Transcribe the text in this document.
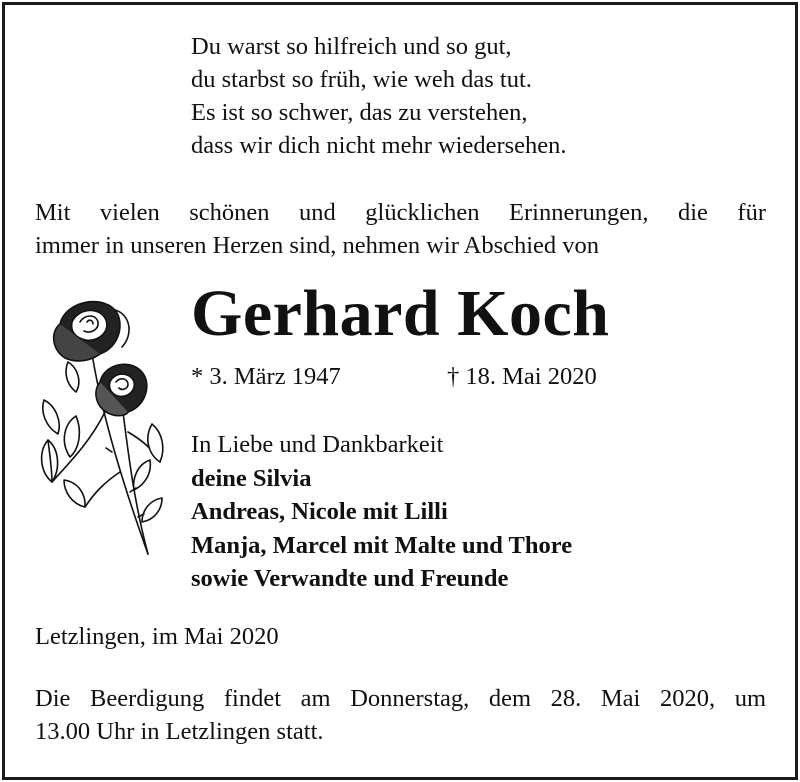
Du warst so hilfreich und so gut,
du starbst so früh, wie weh das tut.
Es ist so schwer, das zu verstehen,
dass wir dich nicht mehr wiedersehen.
Mit vielen schönen und glücklichen Erinnerungen, die für
immer in unseren Herzen sind, nehmen wir Abschied von
Gerhard Koch
* 3. März 1947	† 18. Mai 2020
In Liebe und Dankbarkeit
deine Silvia
Andreas, Nicole mit Lilli
Manja, Marcel mit Malte und Thore
sowie Verwandte und Freunde
Letzlingen, im Mai 2020
Die Beerdigung findet am Donnerstag, dem 28. Mai 2020, um
13.00 Uhr in Letzlingen statt.
